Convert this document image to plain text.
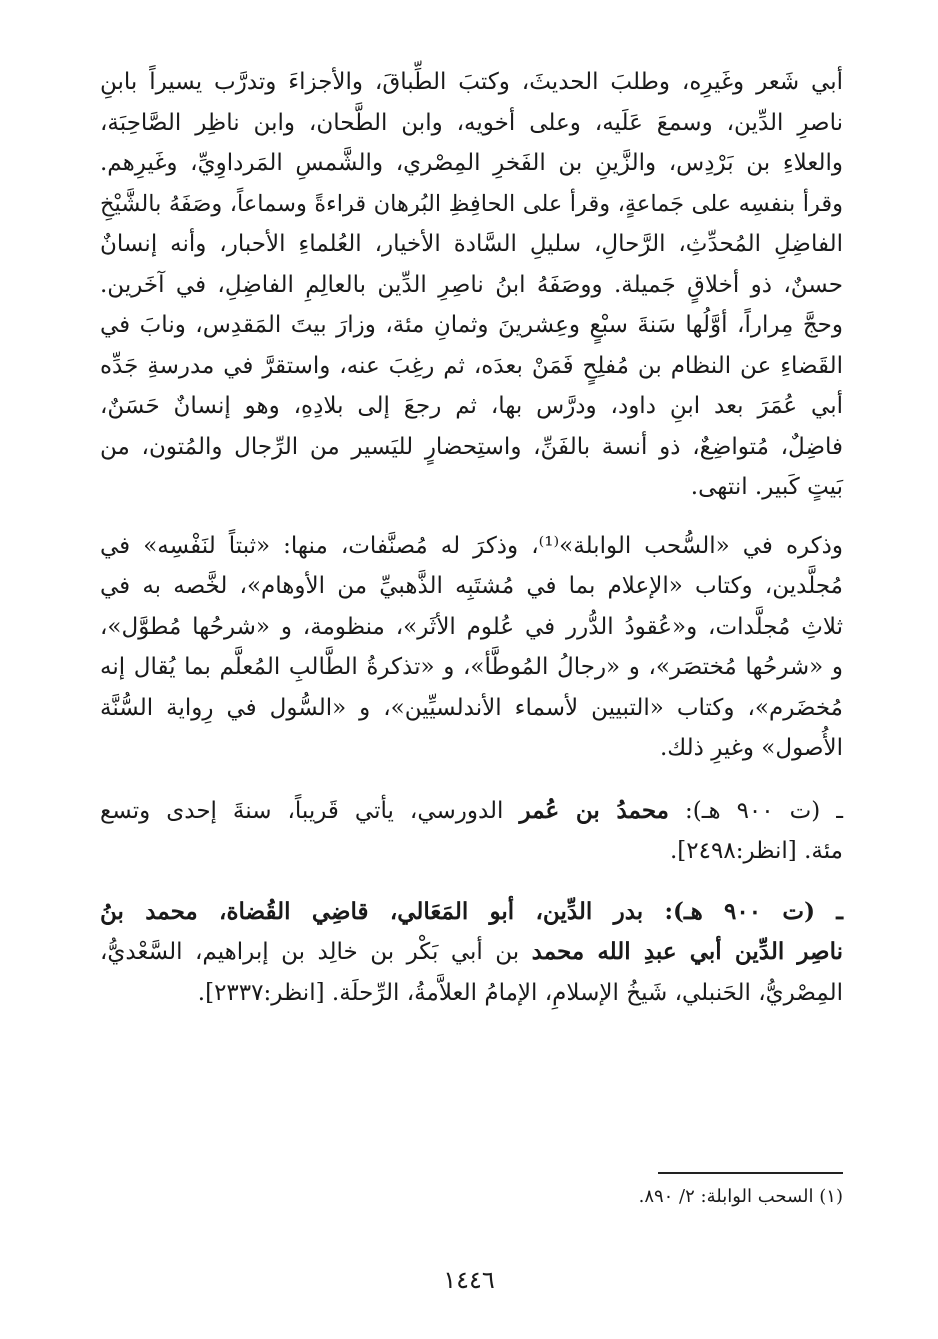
أبي شَعر وغَيرِه، وطلبَ الحديثَ، وكتبَ الطِّباقَ، والأجزاءَ وتدرَّب يسيراً بابنِ
ناصرِ الدِّين، وسمعَ عَلَيه، وعلى أخويه، وابن الطَّحان، وابن ناظِر الصَّاحِبَة،
والعلاءِ بن بَرْدِس، والزَّينِ بن الفَخرِ المِصْري، والشَّمسِ المَرداوِيِّ، وغَيرِهم.
وقرأ بنفسِه على جَماعةٍ، وقرأ على الحافِظِ البُرهان قراءةً وسماعاً، وصَفَهُ بالشَّيْخِ
الفاضِلِ المُحدِّثِ، الرَّحالِ، سليلِ السَّادة الأخيار، العُلماءِ الأحبار، وأنه إنسانٌ
حسنٌ، ذو أخلاقٍ جَميلة. ووصَفَهُ ابنُ ناصِرِ الدِّين بالعالِمِ الفاضِلِ، في آخَرين.
وحجَّ مِراراً، أوَّلُها سَنةَ سبْعٍ وعِشرينَ وثمانِ مئة، وزارَ بيتَ المَقدِس، ونابَ في
القَضاءِ عن النظام بن مُفلِحٍ فَمَنْ بعدَه، ثم رغِبَ عنه، واستقرَّ في مدرسةِ جَدِّه
أبي عُمَرَ بعد ابنِ داود، ودرَّس بها، ثم رجعَ إلى بلادِهِ، وهو إنسانٌ حَسَنٌ،
فاضِلٌ، مُتواضِعٌ، ذو أنسة بالفَنِّ، واستِحضارٍ لليَسير من الرِّجال والمُتون، من
بَيتٍ كَبير. انتهى.

وذكره في «السُّحب الوابلة»⁽¹⁾، وذكرَ له مُصنَّفات، منها: «ثبتاً لنَفْسِه» في
مُجلَّدين، وكتاب «الإعلام بما في مُشتَبِه الذَّهبيِّ من الأوهام»، لخَّصه به في
ثلاثِ مُجلَّدات، و«عُقودُ الدُّرر في عُلوم الأثَر»، منظومة، و «شرحُها مُطوَّل»،
و «شرحُها مُختصَر»، و «رجالُ المُوطَّأ»، و «تذكرةُ الطَّالبِ المُعلَّم بما يُقال إنه
مُخضَرم»، وكتاب «التبيين لأسماء الأندلسيِّين»، و «السُّول في رِواية السُّنَّة
الأُصول» وغيرِ ذلك.

ـ (ت ٩٠٠ هـ): محمدُ بن عُمر الدورسي، يأتي قَريباً، سنةَ إحدى وتسع
مئة. [انظر:٢٤٩٨].

ـ (ت ٩٠٠ هـ): بدر الدِّين، أبو المَعَالي، قاضِي القُضاة، محمد بنُ
ناصِر الدِّين أبي عبدِ الله محمد بن أبي بَكْر بن خالِد بن إبراهيم، السَّعْديُّ،
المِصْريُّ، الحَنبلي، شَيخُ الإسلامِ، الإمامُ العلاَّمةُ، الرِّحلَة. [انظر:٢٣٣٧].

(١) السحب الوابلة: ٢/ ٨٩٠.
١٤٤٦
